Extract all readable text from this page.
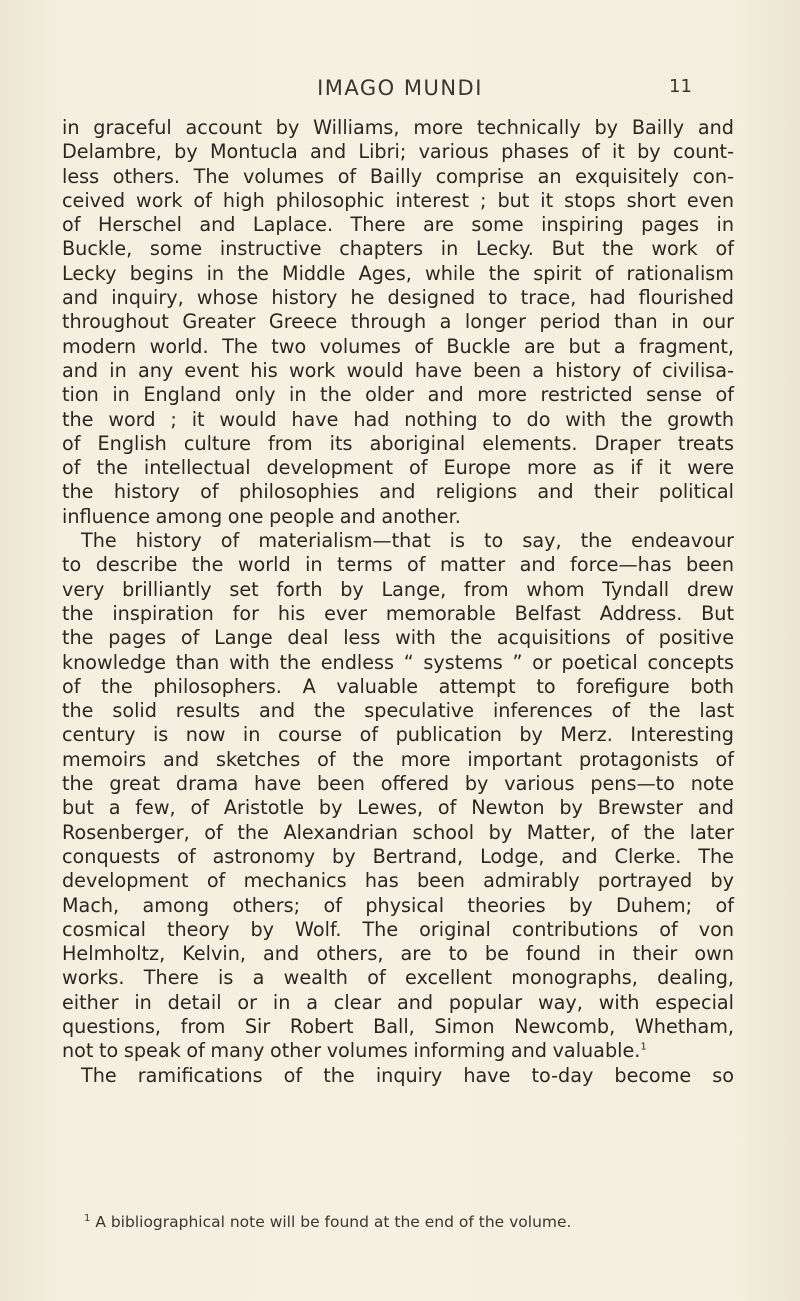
IMAGO MUNDI	11

in graceful account by Williams, more technically by Bailly and
Delambre, by Montucla and Libri; various phases of it by count-
less others. The volumes of Bailly comprise an exquisitely con-
ceived work of high philosophic interest ; but it stops short even
of Herschel and Laplace. There are some inspiring pages in
Buckle, some instructive chapters in Lecky. But the work of
Lecky begins in the Middle Ages, while the spirit of rationalism
and inquiry, whose history he designed to trace, had flourished
throughout Greater Greece through a longer period than in our
modern world. The two volumes of Buckle are but a fragment,
and in any event his work would have been a history of civilisa-
tion in England only in the older and more restricted sense of
the word ; it would have had nothing to do with the growth
of English culture from its aboriginal elements. Draper treats
of the intellectual development of Europe more as if it were
the history of philosophies and religions and their political
influence among one people and another.

The history of materialism—that is to say, the endeavour
to describe the world in terms of matter and force—has been
very brilliantly set forth by Lange, from whom Tyndall drew
the inspiration for his ever memorable Belfast Address. But
the pages of Lange deal less with the acquisitions of positive
knowledge than with the endless “ systems ” or poetical concepts
of the philosophers. A valuable attempt to forefigure both
the solid results and the speculative inferences of the last
century is now in course of publication by Merz. Interesting
memoirs and sketches of the more important protagonists of
the great drama have been offered by various pens—to note
but a few, of Aristotle by Lewes, of Newton by Brewster and
Rosenberger, of the Alexandrian school by Matter, of the later
conquests of astronomy by Bertrand, Lodge, and Clerke. The
development of mechanics has been admirably portrayed by
Mach, among others; of physical theories by Duhem; of
cosmical theory by Wolf. The original contributions of von
Helmholtz, Kelvin, and others, are to be found in their own
works. There is a wealth of excellent monographs, dealing,
either in detail or in a clear and popular way, with especial
questions, from Sir Robert Ball, Simon Newcomb, Whetham,
not to speak of many other volumes informing and valuable.$^1$

The ramifications of the inquiry have to-day become so

$^1$ A bibliographical note will be found at the end of the volume.
